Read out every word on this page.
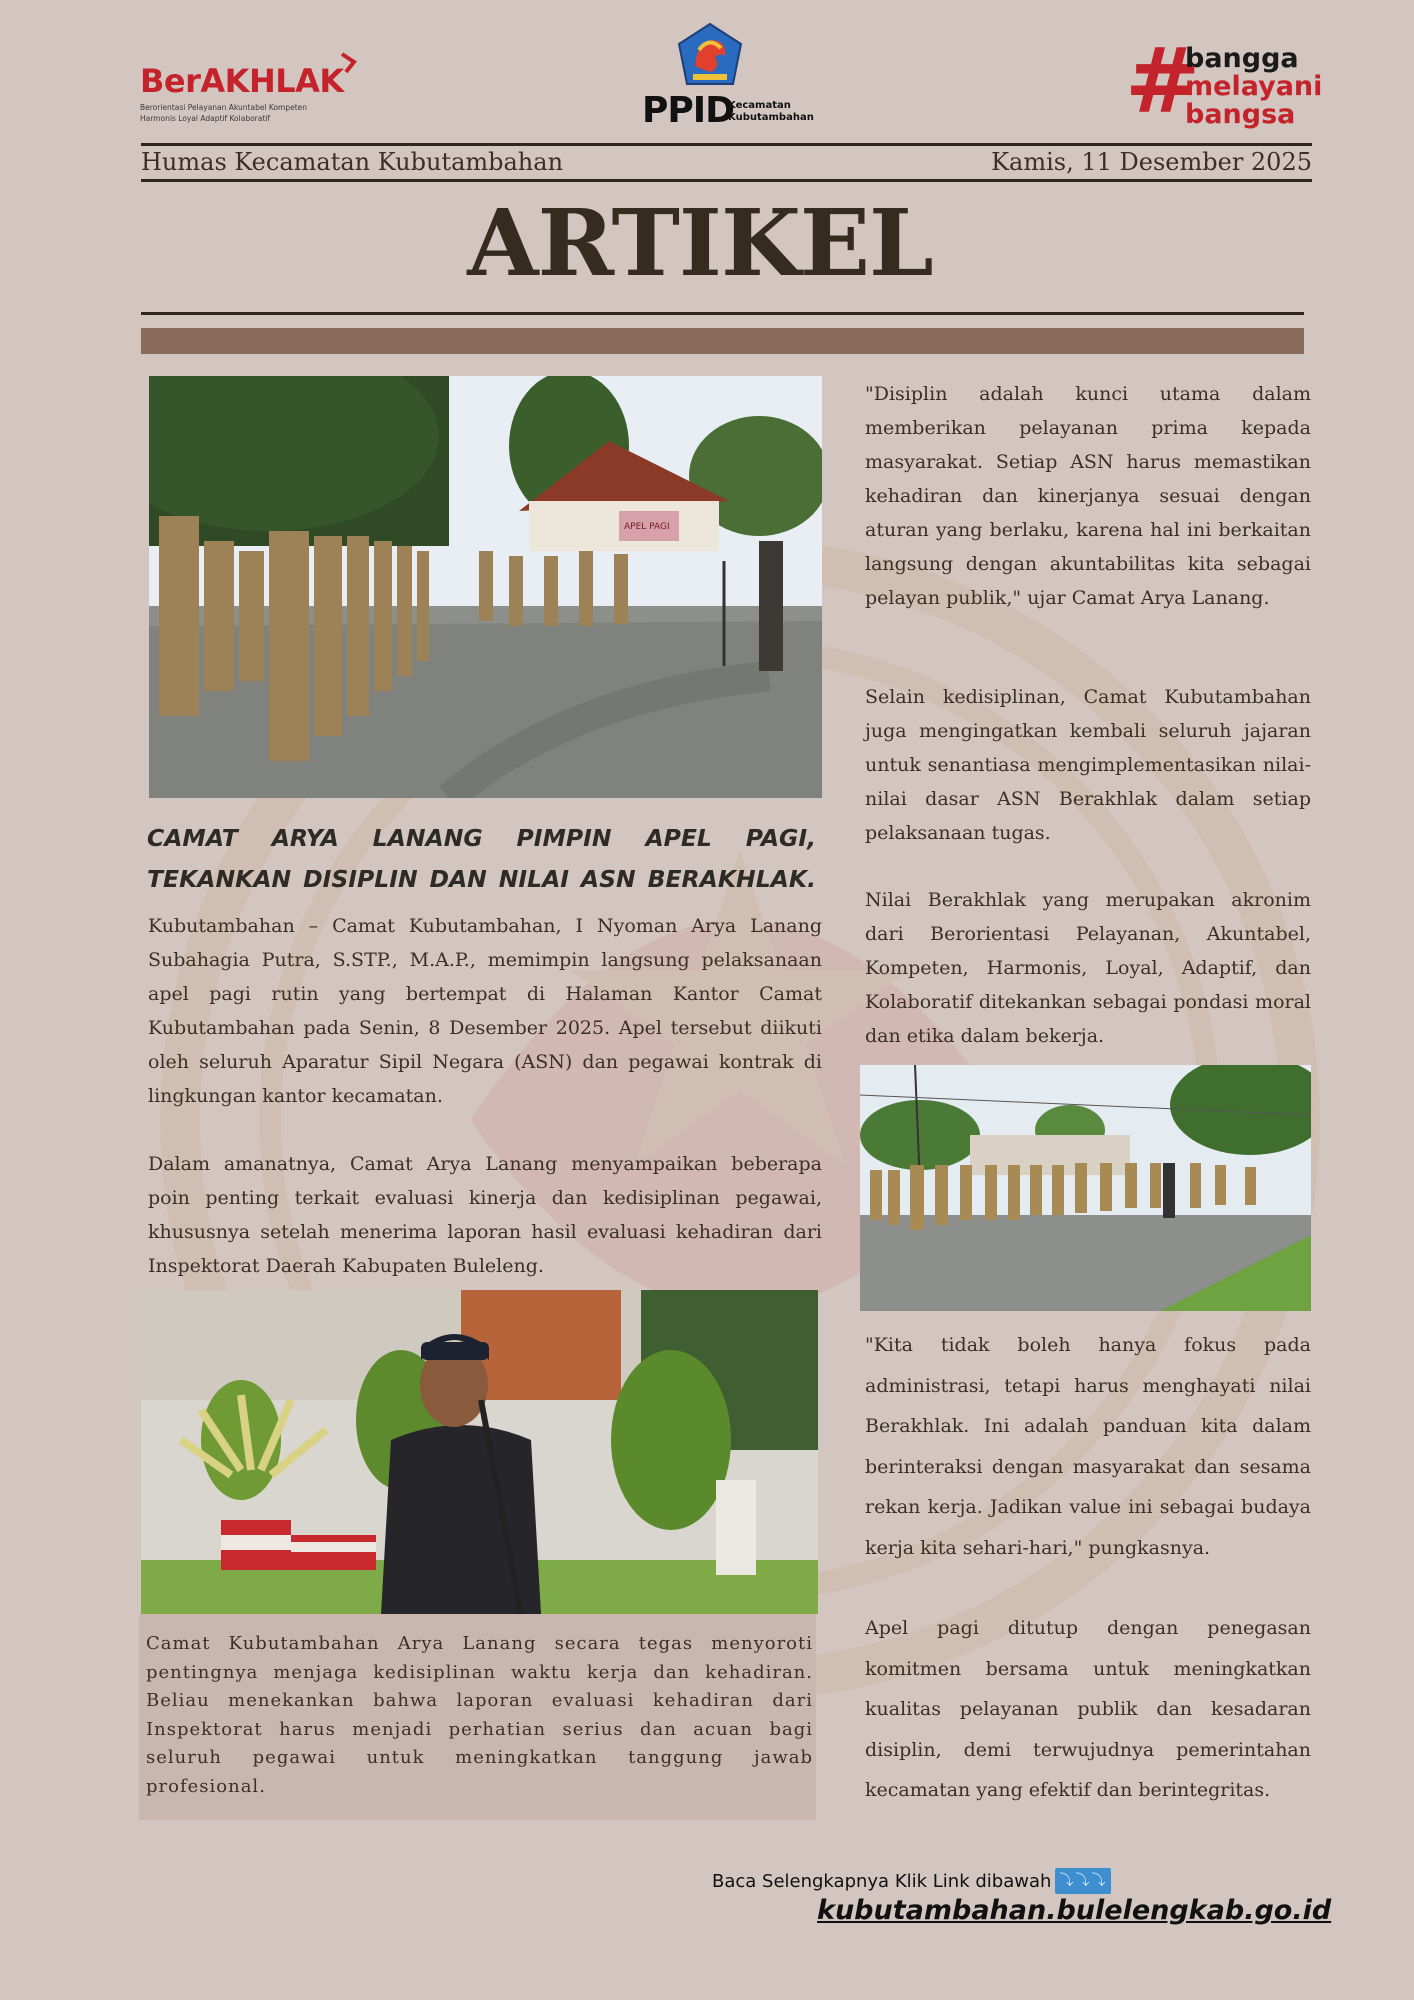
BerAKHLAK
Berorientasi Pelayanan Akuntabel Kompeten
Harmonis Loyal Adaptif Kolaboratif	PPID
Kecamatan
Kubutambahan	#
bangga
melayani
bangsa
Humas Kecamatan Kubutambahan	Kamis, 11 Desember 2025
ARTIKEL
APEL PAGI
CAMAT ARYA LANANG PIMPIN APEL PAGI, TEKANKAN DISIPLIN DAN NILAI ASN BERAKHLAK.

Kubutambahan – Camat Kubutambahan, I Nyoman Arya Lanang Subahagia Putra, S.STP., M.A.P., memimpin langsung pelaksanaan apel pagi rutin yang bertempat di Halaman Kantor Camat Kubutambahan pada Senin, 8 Desember 2025. Apel tersebut diikuti oleh seluruh Aparatur Sipil Negara (ASN) dan pegawai kontrak di lingkungan kantor kecamatan.

Dalam amanatnya, Camat Arya Lanang menyampaikan beberapa poin penting terkait evaluasi kinerja dan kedisiplinan pegawai, khususnya setelah menerima laporan hasil evaluasi kehadiran dari Inspektorat Daerah Kabupaten Buleleng.

Camat Kubutambahan Arya Lanang secara tegas menyoroti pentingnya menjaga kedisiplinan waktu kerja dan kehadiran. Beliau menekankan bahwa laporan evaluasi kehadiran dari Inspektorat harus menjadi perhatian serius dan acuan bagi seluruh pegawai untuk meningkatkan tanggung jawab profesional.

"Disiplin adalah kunci utama dalam memberikan pelayanan prima kepada masyarakat. Setiap ASN harus memastikan kehadiran dan kinerjanya sesuai dengan aturan yang berlaku, karena hal ini berkaitan langsung dengan akuntabilitas kita sebagai pelayan publik," ujar Camat Arya Lanang.

Selain kedisiplinan, Camat Kubutambahan juga mengingatkan kembali seluruh jajaran untuk senantiasa mengimplementasikan nilai-nilai dasar ASN Berakhlak dalam setiap pelaksanaan tugas.

Nilai Berakhlak yang merupakan akronim dari Berorientasi Pelayanan, Akuntabel, Kompeten, Harmonis, Loyal, Adaptif, dan Kolaboratif ditekankan sebagai pondasi moral dan etika dalam bekerja.

"Kita tidak boleh hanya fokus pada administrasi, tetapi harus menghayati nilai Berakhlak. Ini adalah panduan kita dalam berinteraksi dengan masyarakat dan sesama rekan kerja. Jadikan value ini sebagai budaya kerja kita sehari-hari," pungkasnya.

Apel pagi ditutup dengan penegasan komitmen bersama untuk meningkatkan kualitas pelayanan publik dan kesadaran disiplin, demi terwujudnya pemerintahan kecamatan yang efektif dan berintegritas.

Baca Selengkapnya Klik Link dibawah ⤵⤵⤵
kubutambahan.bulelengkab.go.id
